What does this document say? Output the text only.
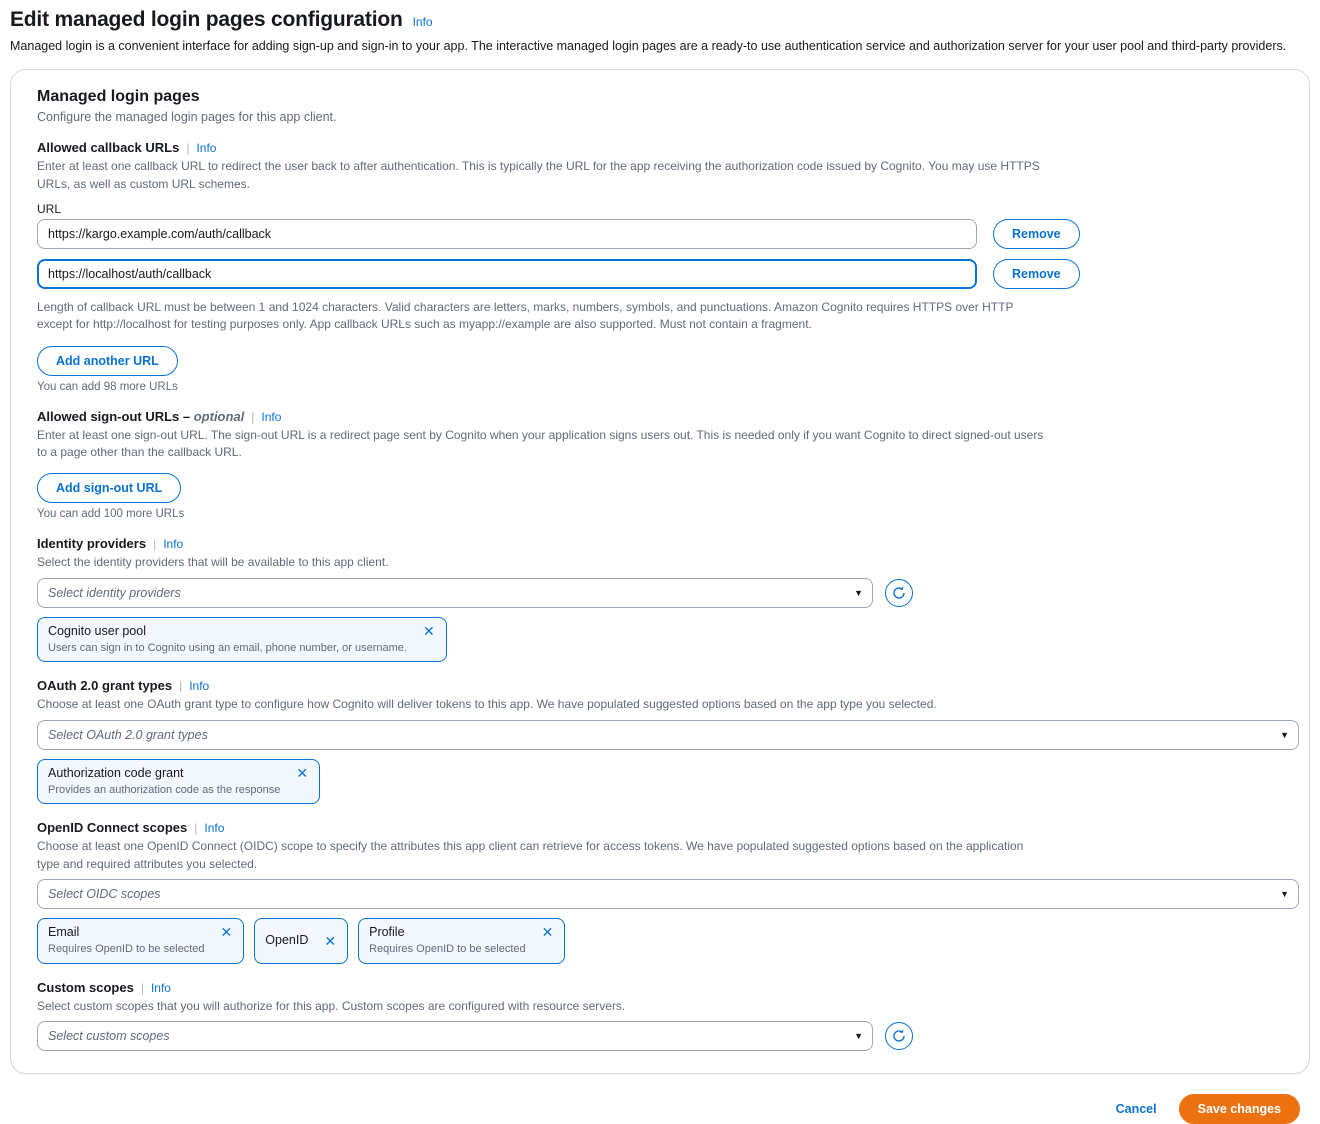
Edit managed login pages configuration Info
Managed login is a convenient interface for adding sign-up and sign-in to your app. The interactive managed login pages are a ready-to use authentication service and authorization server for your user pool and third-party providers.
Managed login pages
Configure the managed login pages for this app client.
Allowed callback URLs | Info
Enter at least one callback URL to redirect the user back to after authentication. This is typically the URL for the app receiving the authorization code issued by Cognito. You may use HTTPS URLs, as well as custom URL schemes.
URL
https://kargo.example.com/auth/callback
Remove
https://localhost/auth/callback
Remove
Length of callback URL must be between 1 and 1024 characters. Valid characters are letters, marks, numbers, symbols, and punctuations. Amazon Cognito requires HTTPS over HTTP except for http://localhost for testing purposes only. App callback URLs such as myapp://example are also supported. Must not contain a fragment.
Add another URL
You can add 98 more URLs
Allowed sign-out URLs – optional | Info
Enter at least one sign-out URL. The sign-out URL is a redirect page sent by Cognito when your application signs users out. This is needed only if you want Cognito to direct signed-out users to a page other than the callback URL.
Add sign-out URL
You can add 100 more URLs
Identity providers | Info
Select the identity providers that will be available to this app client.
Select identity providers	▼
Cognito user pool
Users can sign in to Cognito using an email, phone number, or username.
✕
OAuth 2.0 grant types | Info
Choose at least one OAuth grant type to configure how Cognito will deliver tokens to this app. We have populated suggested options based on the app type you selected.
Select OAuth 2.0 grant types	▼
Authorization code grant
Provides an authorization code as the response
✕
OpenID Connect scopes | Info
Choose at least one OpenID Connect (OIDC) scope to specify the attributes this app client can retrieve for access tokens. We have populated suggested options based on the application type and required attributes you selected.
Select OIDC scopes	▼
Email
Requires OpenID to be selected
✕
OpenID ✕
Profile
Requires OpenID to be selected
✕
Custom scopes | Info
Select custom scopes that you will authorize for this app. Custom scopes are configured with resource servers.
Select custom scopes	▼
Cancel	Save changes
